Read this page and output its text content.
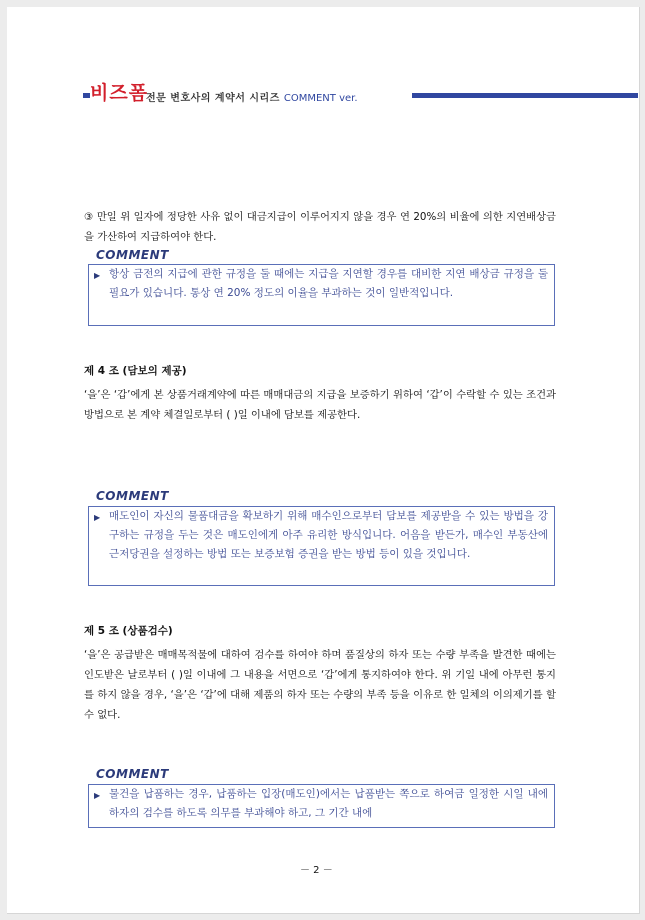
비즈폼
전문 변호사의 계약서 시리즈 COMMENT ver.
③ 만일 위 일자에 정당한 사유 없이 대금지급이 이루어지지 않을 경우 연 20%의 비율에 의한 지연배상금을 가산하여 지급하여야 한다.
COMMENT
▶ 항상 금전의 지급에 관한 규정을 둘 때에는 지급을 지연할 경우를 대비한 지연 배상금 규정을 둘 필요가 있습니다. 통상 연 20% 정도의 이율을 부과하는 것이 일반적입니다.
제 4 조 (담보의 제공)
‘을’은 ‘갑’에게 본 상품거래계약에 따른 매매대금의 지급을 보증하기 위하여 ‘갑’이 수락할 수 있는 조건과 방법으로 본 계약 체결일로부터 ( )일 이내에 담보를 제공한다.
COMMENT
▶ 매도인이 자신의 물품대금을 확보하기 위해 매수인으로부터 담보를 제공받을 수 있는 방법을 강구하는 규정을 두는 것은 매도인에게 아주 유리한 방식입니다. 어음을 받든가, 매수인 부동산에 근저당권을 설정하는 방법 또는 보증보험 증권을 받는 방법 등이 있을 것입니다.
제 5 조 (상품검수)
‘을’은 공급받은 매매목적물에 대하여 검수를 하여야 하며 품질상의 하자 또는 수량 부족을 발견한 때에는 인도받은 날로부터 ( )일 이내에 그 내용을 서면으로 ‘갑’에게 통지하여야 한다. 위 기일 내에 아무런 통지를 하지 않을 경우, ‘을’은 ‘갑’에 대해 제품의 하자 또는 수량의 부족 등을 이유로 한 일체의 이의제기를 할 수 없다.
COMMENT
▶ 물건을 납품하는 경우, 납품하는 입장(매도인)에서는 납품받는 쪽으로 하여금 일정한 시일 내에 하자의 검수를 하도록 의무를 부과해야 하고, 그 기간 내에
－ 2 －
